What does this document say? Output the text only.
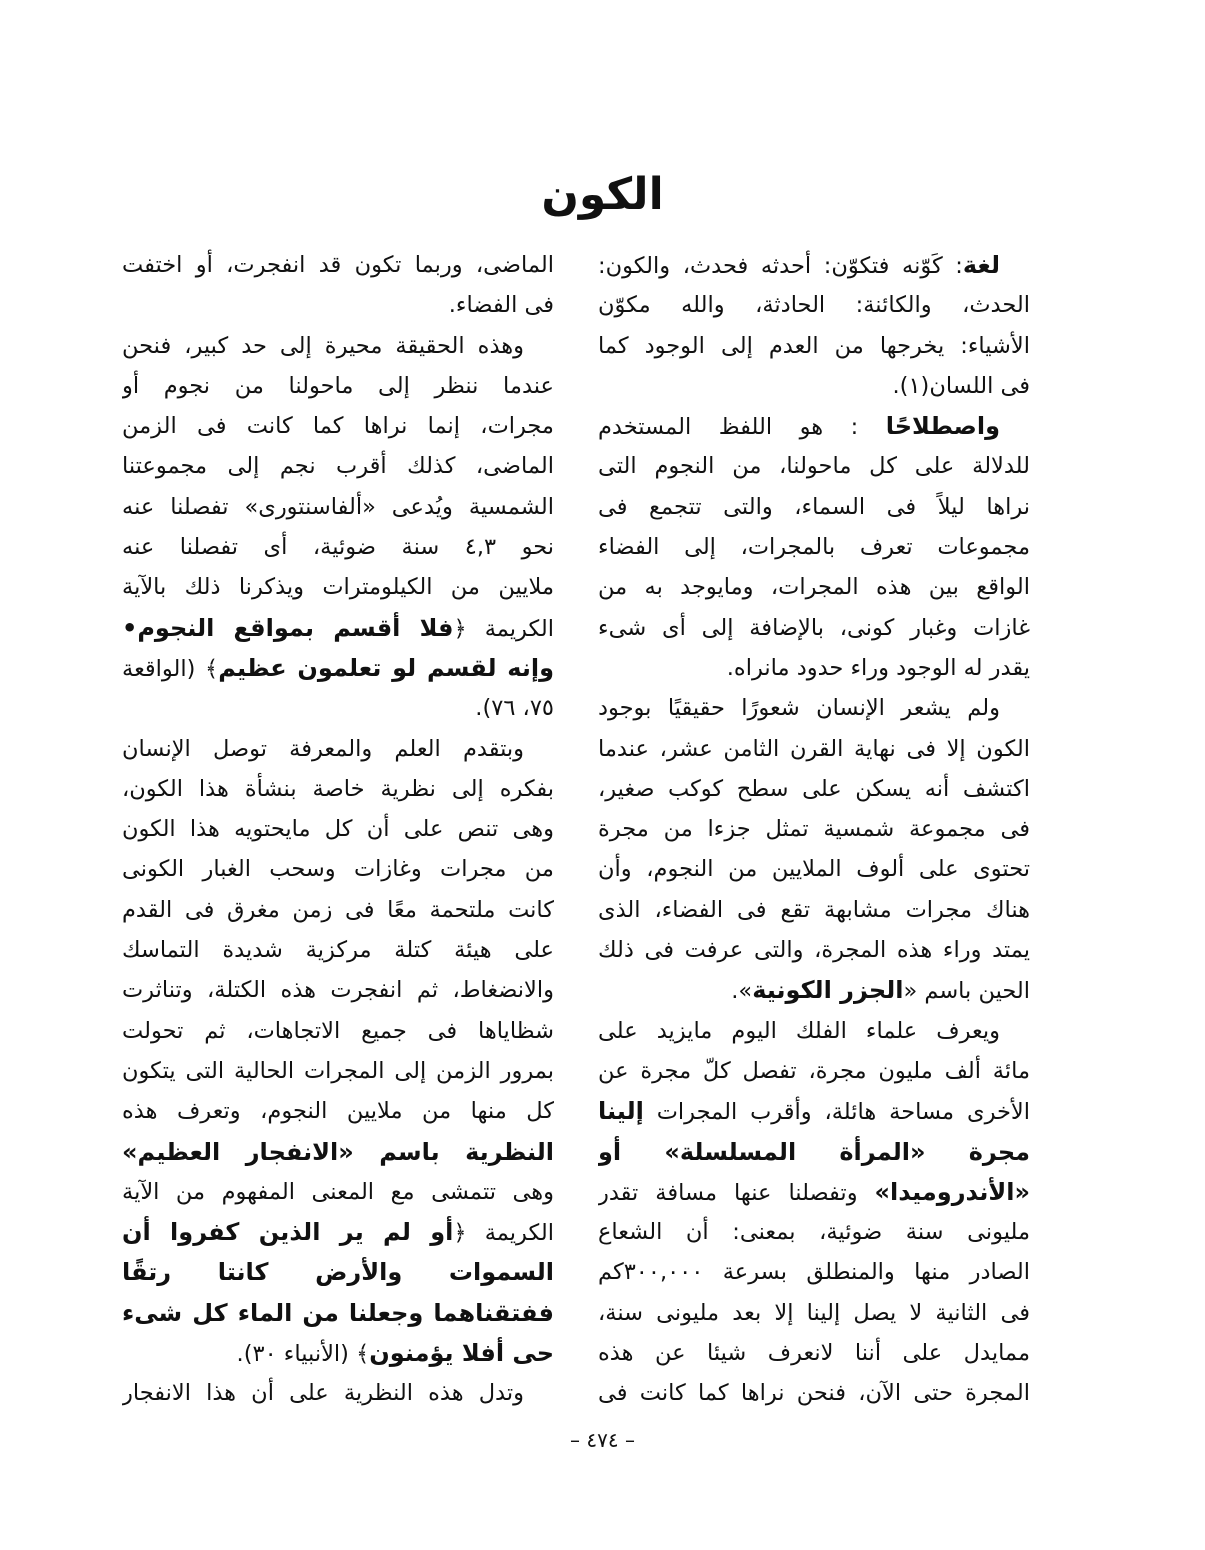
الكون
لغة: كَوّنه فتكوّن: أحدثه فحدث، والكون:
الحدث، والكائنة: الحادثة، والله مكوّن
الأشياء: يخرجها من العدم إلى الوجود كما
فى اللسان(١).
واصطلاحًا : هو اللفظ المستخدم
للدلالة على كل ماحولنا، من النجوم التى
نراها ليلاً فى السماء، والتى تتجمع فى
مجموعات تعرف بالمجرات، إلى الفضاء
الواقع بين هذه المجرات، ومايوجد به من
غازات وغبار كونى، بالإضافة إلى أى شىء
يقدر له الوجود وراء حدود مانراه.
ولم يشعر الإنسان شعورًا حقيقيًا بوجود
الكون إلا فى نهاية القرن الثامن عشر، عندما
اكتشف أنه يسكن على سطح كوكب صغير،
فى مجموعة شمسية تمثل جزءا من مجرة
تحتوى على ألوف الملايين من النجوم، وأن
هناك مجرات مشابهة تقع فى الفضاء، الذى
يمتد وراء هذه المجرة، والتى عرفت فى ذلك
الحين باسم «الجزر الكونية».
ويعرف علماء الفلك اليوم مايزيد على
مائة ألف مليون مجرة، تفصل كلّ مجرة عن
الأخرى مساحة هائلة، وأقرب المجرات إلينا
مجرة «المرأة المسلسلة» أو
«الأندروميدا» وتفصلنا عنها مسافة تقدر
مليونى سنة ضوئية، بمعنى: أن الشعاع
الصادر منها والمنطلق بسرعة ٣٠٠,٠٠٠كم
فى الثانية لا يصل إلينا إلا بعد مليونى سنة،
ممايدل على أننا لانعرف شيئا عن هذه
المجرة حتى الآن، فنحن نراها كما كانت فى
الماضى، وربما تكون قد انفجرت، أو اختفت
فى الفضاء.
وهذه الحقيقة محيرة إلى حد كبير، فنحن
عندما ننظر إلى ماحولنا من نجوم أو
مجرات، إنما نراها كما كانت فى الزمن
الماضى، كذلك أقرب نجم إلى مجموعتنا
الشمسية ويُدعى «ألفاسنتورى» تفصلنا عنه
نحو ٤,٣ سنة ضوئية، أى تفصلنا عنه
ملايين من الكيلومترات ويذكرنا ذلك بالآية
الكريمة ﴿فلا أقسم بمواقع النجوم•
وإنه لقسم لو تعلمون عظيم﴾ (الواقعة
٧٥، ٧٦).
وبتقدم العلم والمعرفة توصل الإنسان
بفكره إلى نظرية خاصة بنشأة هذا الكون،
وهى تنص على أن كل مايحتويه هذا الكون
من مجرات وغازات وسحب الغبار الكونى
كانت ملتحمة معًا فى زمن مغرق فى القدم
على هيئة كتلة مركزية شديدة التماسك
والانضغاط، ثم انفجرت هذه الكتلة، وتناثرت
شظاياها فى جميع الاتجاهات، ثم تحولت
بمرور الزمن إلى المجرات الحالية التى يتكون
كل منها من ملايين النجوم، وتعرف هذه
النظرية باسم «الانفجار العظيم»
وهى تتمشى مع المعنى المفهوم من الآية
الكريمة ﴿أو لم ير الذين كفروا أن
السموات والأرض كانتا رتقًا
ففتقناهما وجعلنا من الماء كل شىء
حى أفلا يؤمنون﴾ (الأنبياء ٣٠).
وتدل هذه النظرية على أن هذا الانفجار
– ٤٧٤ –
